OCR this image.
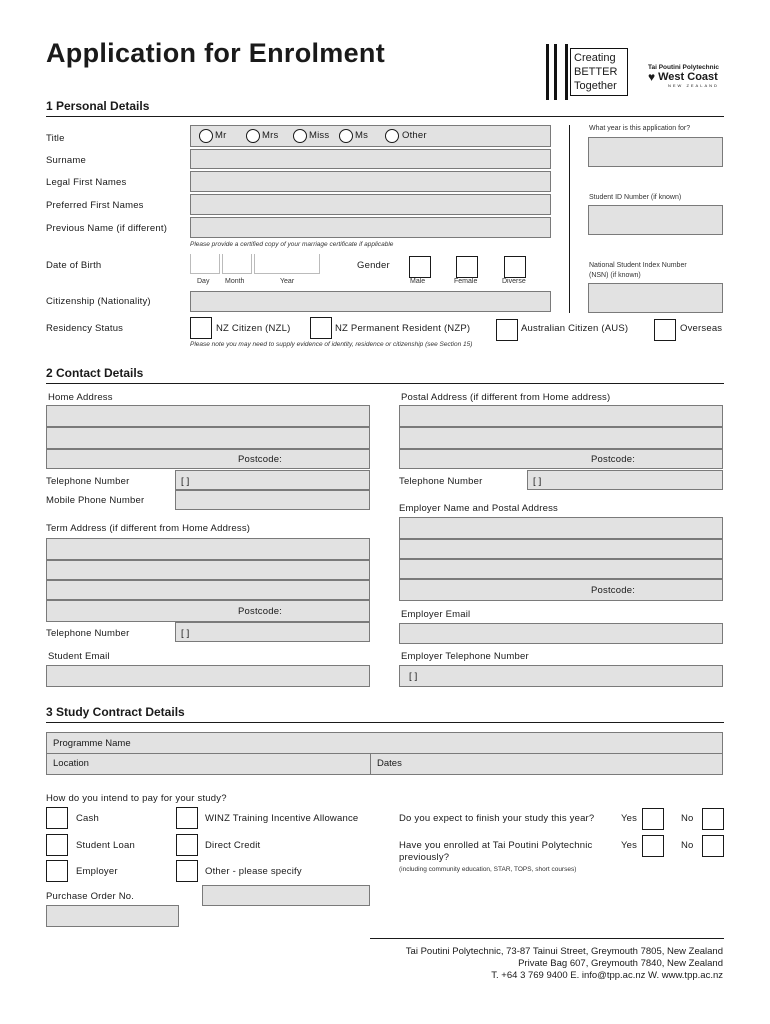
Application for Enrolment	Creating
BETTER
Together
Tai Poutini Polytechnic
♥ West Coast
NEW ZEALAND
1 Personal Details
Title	Mr	Mrs	Miss	Ms	Other
Surname
Legal First Names
Preferred First Names
Previous Name (if different)
Please provide a certified copy of your marriage certificate if applicable
Date of Birth
Day Month	Year
Gender
Male	Female	Diverse
Citizenship (Nationality)
Residency Status	NZ Citizen (NZL)	NZ Permanent Resident (NZP)	Australian Citizen (AUS)	Overseas
Please note you may need to supply evidence of identity, residence or citizenship (see Section 15)
What year is this application for?
Student ID Number (if known)
National Student Index Number
(NSN) (if known)
2 Contact Details
Home Address
Postcode:
Telephone Number	[ ]
Mobile Phone Number
Postal Address (if different from Home address)
Postcode:
Telephone Number	[ ]
Employer Name and Postal Address
Term Address (if different from Home Address)
Postcode:
Telephone Number	[ ]
Postcode:
Employer Email
Student Email	Employer Telephone Number
[ ]
3 Study Contract Details
Programme Name
Location	Dates
How do you intend to pay for your study?
Cash	WINZ Training Incentive Allowance
Student Loan	Direct Credit
Employer	Other - please specify
Purchase Order No.
Do you expect to finish your study this year?	Yes	No
Have you enrolled at Tai Poutini Polytechnic
previously?
Yes	No
(including community education, STAR, TOPS, short courses)
Tai Poutini Polytechnic, 73-87 Tainui Street, Greymouth 7805, New Zealand
Private Bag 607, Greymouth 7840, New Zealand
T. +64 3 769 9400 E. info@tpp.ac.nz W. www.tpp.ac.nz
